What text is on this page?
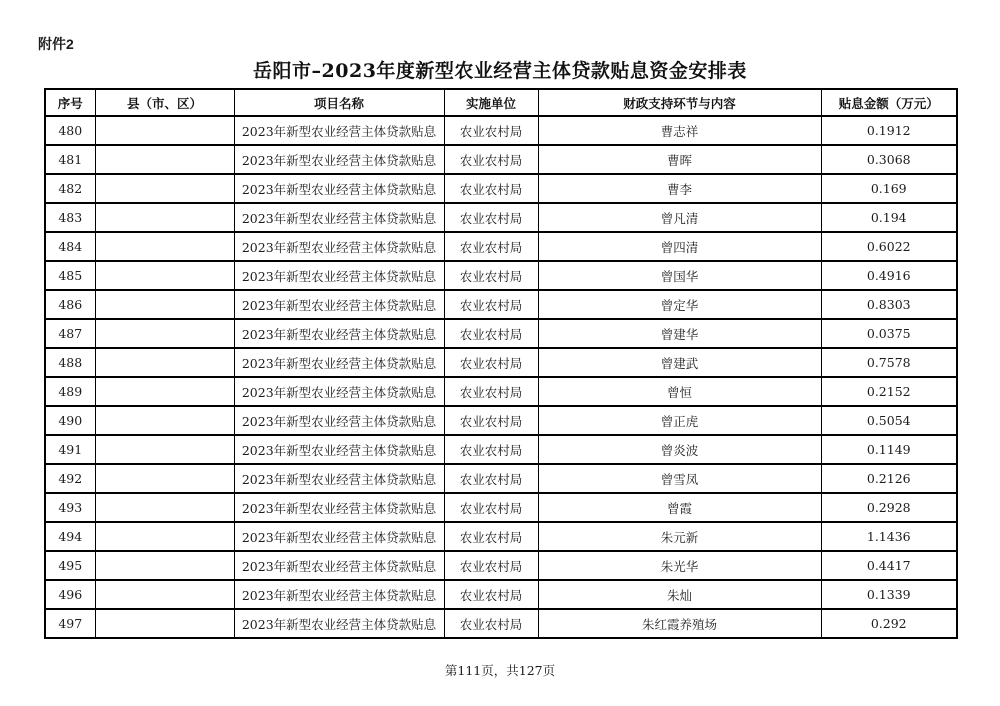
附件2
岳阳市–2023年度新型农业经营主体贷款贴息资金安排表
序号	县（市、区）	项目名称	实施单位	财政支持环节与内容	贴息金额（万元）
480		2023年新型农业经营主体贷款贴息	农业农村局	曹志祥	0.1912
481		2023年新型农业经营主体贷款贴息	农业农村局	曹晖	0.3068
482		2023年新型农业经营主体贷款贴息	农业农村局	曹李	0.169
483		2023年新型农业经营主体贷款贴息	农业农村局	曾凡清	0.194
484		2023年新型农业经营主体贷款贴息	农业农村局	曾四清	0.6022
485		2023年新型农业经营主体贷款贴息	农业农村局	曾国华	0.4916
486		2023年新型农业经营主体贷款贴息	农业农村局	曾定华	0.8303
487		2023年新型农业经营主体贷款贴息	农业农村局	曾建华	0.0375
488		2023年新型农业经营主体贷款贴息	农业农村局	曾建武	0.7578
489		2023年新型农业经营主体贷款贴息	农业农村局	曾恒	0.2152
490		2023年新型农业经营主体贷款贴息	农业农村局	曾正虎	0.5054
491		2023年新型农业经营主体贷款贴息	农业农村局	曾炎波	0.1149
492		2023年新型农业经营主体贷款贴息	农业农村局	曾雪凤	0.2126
493		2023年新型农业经营主体贷款贴息	农业农村局	曾霞	0.2928
494		2023年新型农业经营主体贷款贴息	农业农村局	朱元新	1.1436
495		2023年新型农业经营主体贷款贴息	农业农村局	朱光华	0.4417
496		2023年新型农业经营主体贷款贴息	农业农村局	朱灿	0.1339
497		2023年新型农业经营主体贷款贴息	农业农村局	朱红霞养殖场	0.292
第111页，共127页
